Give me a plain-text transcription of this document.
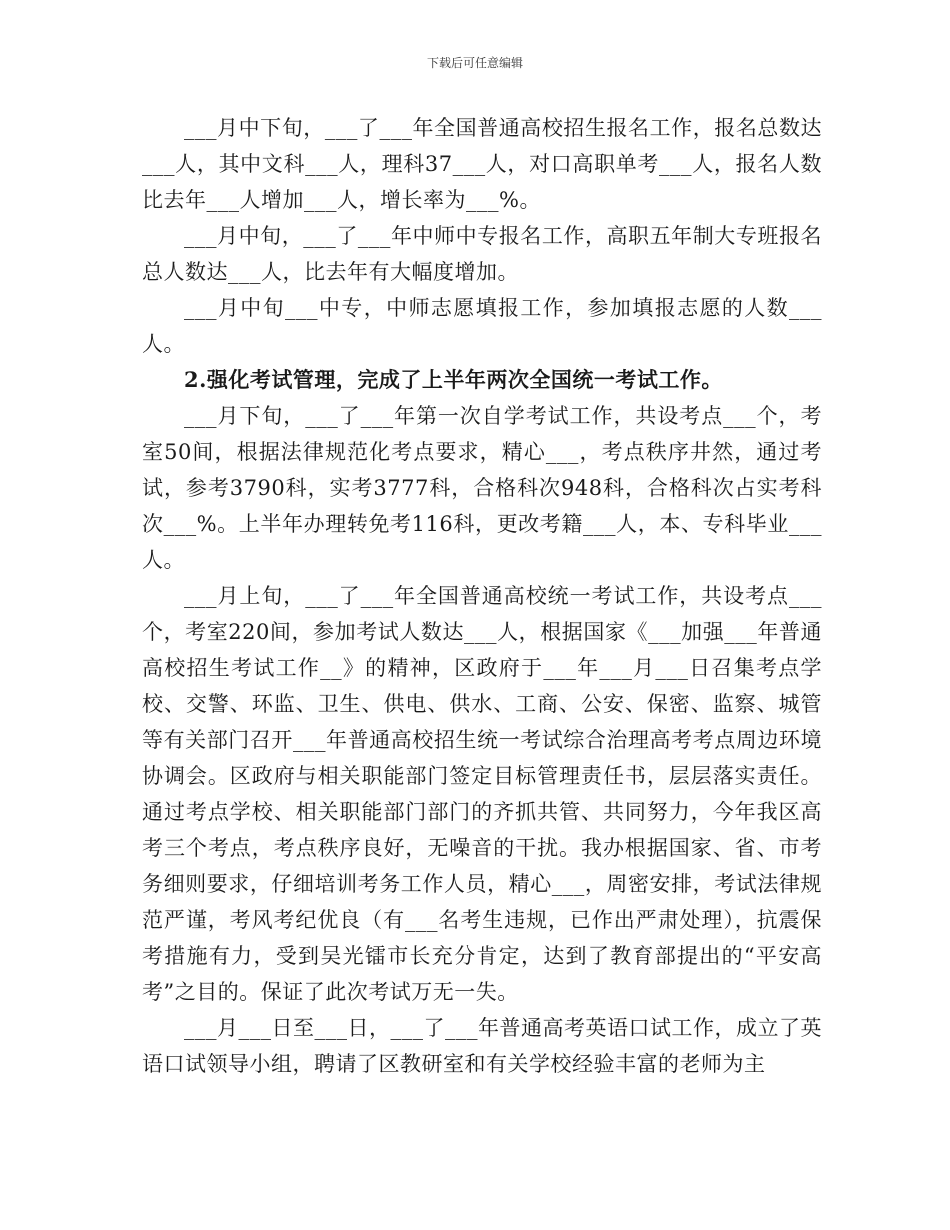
下载后可任意编辑

___月中下旬，___了___年全国普通高校招生报名工作，报名总数达___人，其中文科___人，理科37___人，对口高职单考___人，报名人数比去年___人增加___人，增长率为___%。

___月中旬，___了___年中师中专报名工作，高职五年制大专班报名总人数达___人，比去年有大幅度增加。

___月中旬___中专，中师志愿填报工作，参加填报志愿的人数___人。

2.强化考试管理，完成了上半年两次全国统一考试工作。

___月下旬，___了___年第一次自学考试工作，共设考点___个，考室50间，根据法律规范化考点要求，精心___，考点秩序井然，通过考试，参考3790科，实考3777科，合格科次948科，合格科次占实考科次___%。上半年办理转免考116科，更改考籍___人，本、专科毕业___人。

___月上旬，___了___年全国普通高校统一考试工作，共设考点___个，考室220间，参加考试人数达___人，根据国家《___加强___年普通高校招生考试工作__》的精神，区政府于___年___月___日召集考点学校、交警、环监、卫生、供电、供水、工商、公安、保密、监察、城管等有关部门召开___年普通高校招生统一考试综合治理高考考点周边环境协调会。区政府与相关职能部门签定目标管理责任书，层层落实责任。通过考点学校、相关职能部门部门的齐抓共管、共同努力，今年我区高考三个考点，考点秩序良好，无噪音的干扰。我办根据国家、省、市考务细则要求，仔细培训考务工作人员，精心___，周密安排，考试法律规范严谨，考风考纪优良（有___名考生违规，已作出严肃处理），抗震保考措施有力，受到吴光镭市长充分肯定，达到了教育部提出的“平安高考”之目的。保证了此次考试万无一失。

___月___日至___日，___了___年普通高考英语口试工作，成立了英语口试领导小组，聘请了区教研室和有关学校经验丰富的老师为主
